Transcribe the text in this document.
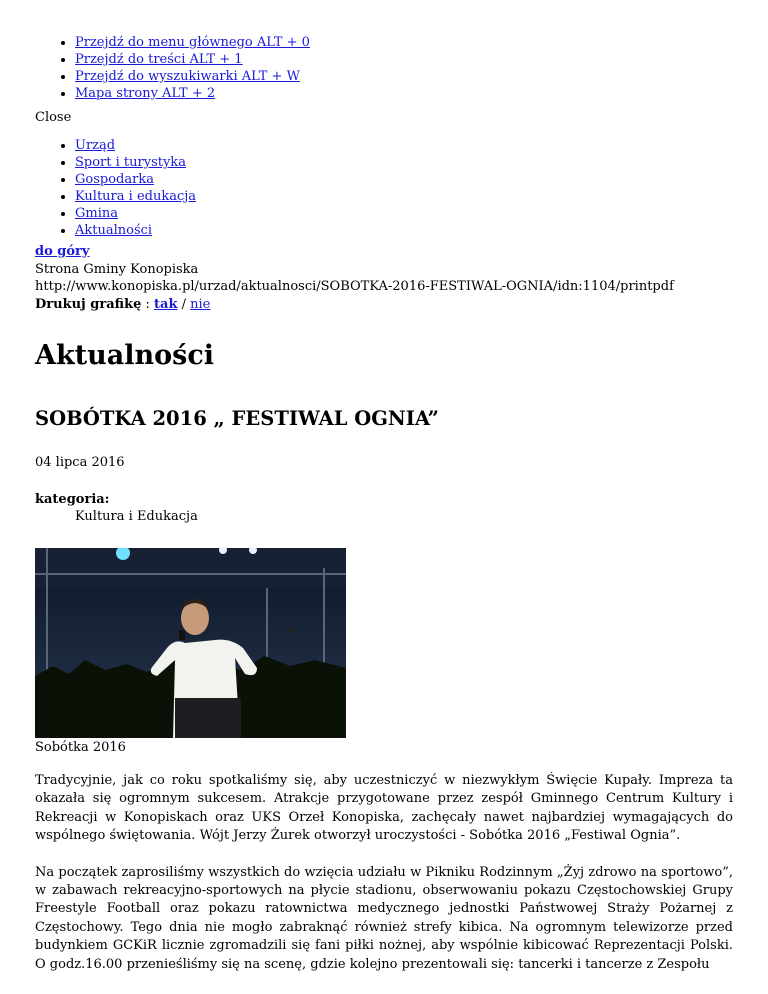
• Przejdź do menu głównego ALT + 0
• Przejdź do treści ALT + 1
• Przejdź do wyszukiwarki ALT + W
• Mapa strony ALT + 2
Close
• Urząd
• Sport i turystyka
• Gospodarka
• Kultura i edukacja
• Gmina
• Aktualności
do góry
Strona Gminy Konopiska
http://www.konopiska.pl/urzad/aktualnosci/SOBOTKA-2016-FESTIWAL-OGNIA/idn:1104/printpdf
Drukuj grafikę : tak / nie
Aktualności
SOBÓTKA 2016 „ FESTIWAL OGNIA”
04 lipca 2016
kategoria:
Kultura i Edukacja
Sobótka 2016

Tradycyjnie, jak co roku spotkaliśmy się, aby uczestniczyć w niezwykłym Święcie Kupały. Impreza ta okazała się ogromnym sukcesem. Atrakcje przygotowane przez zespół Gminnego Centrum Kultury i Rekreacji w Konopiskach oraz UKS Orzeł Konopiska, zachęcały nawet najbardziej wymagających do wspólnego świętowania. Wójt Jerzy Żurek otworzył uroczystości - Sobótka 2016 „Festiwal Ognia”.

Na początek zaprosiliśmy wszystkich do wzięcia udziału w Pikniku Rodzinnym „Żyj zdrowo na sportowo”, w zabawach rekreacyjno-sportowych na płycie stadionu, obserwowaniu pokazu Częstochowskiej Grupy Freestyle Football oraz pokazu ratownictwa medycznego jednostki Państwowej Straży Pożarnej z Częstochowy. Tego dnia nie mogło zabraknąć również strefy kibica. Na ogromnym telewizorze przed budynkiem GCKiR licznie zgromadzili się fani piłki nożnej, aby wspólnie kibicować Reprezentacji Polski. O godz.16.00 przenieśliśmy się na scenę, gdzie kolejno prezentowali się: tancerki i tancerze z Zespołu
